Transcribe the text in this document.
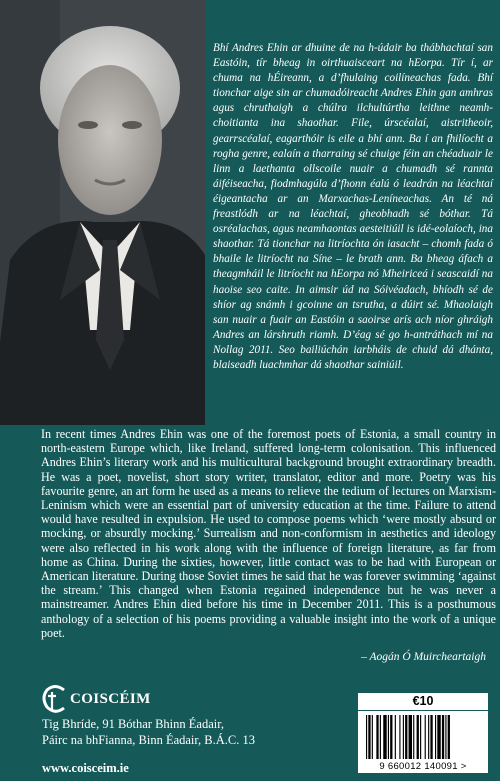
Bhí Andres Ehin ar dhuine de na h-údair ba thábhachtaí san Eastóin, tír bheag in oirthuaisceart na hEorpa. Tír í, ar chuma na hÉireann, a d’fhulaing coilíneachas fada. Bhí tionchar aige sin ar chumadóireacht Andres Ehin gan amhras agus chruthaigh a chúlra ilchultúrtha leithne neamh-choitianta ina shaothar. File, úrscéalaí, aistritheoir, gearrscéalaí, eagarthóir is eile a bhí ann. Ba í an fhilíocht a rogha genre, ealaín a tharraing sé chuige féin an chéaduair le linn a laethanta ollscoile nuair a chumadh sé rannta áiféiseacha, fiodmhagúla d’fhonn éalú ó leadrán na léachtaí éigeantacha ar an Marxachas-Leníneachas. An té ná freastlódh ar na léachtaí, gheobhadh sé bóthar. Tá osréalachas, agus neamhaontas aesteitiúil is idé-eolaíoch, ina shaothar. Tá tionchar na litríochta ón iasacht – chomh fada ó bhaile le litríocht na Síne – le brath ann. Ba bheag áfach a theagmháil le litríocht na hEorpa nó Mheiriceá i seascaidí na haoise seo caite. In aimsir úd na Sóivéadach, bhíodh sé de shíor ag snámh i gcoinne an tsrutha, a dúirt sé. Mhaolaigh san nuair a fuair an Eastóin a saoirse arís ach níor ghráigh Andres an lárshruth riamh. D’éag sé go h-antráthach mí na Nollag 2011. Seo bailiúchán iarbháis de chuid dá dhánta, blaiseadh luachmhar dá shaothar sainiúil.

In recent times Andres Ehin was one of the foremost poets of Estonia, a small country in north-eastern Europe which, like Ireland, suffered long-term colonisation. This influenced Andres Ehin’s literary work and his multicultural background brought extraordinary breadth. He was a poet, novelist, short story writer, translator, editor and more. Poetry was his favourite genre, an art form he used as a means to relieve the tedium of lectures on Marxism-Leninism which were an essential part of university education at the time. Failure to attend would have resulted in expulsion. He used to compose poems which ‘were mostly absurd or mocking, or absurdly mocking.’ Surrealism and non-conformism in aesthetics and ideology were also reflected in his work along with the influence of foreign literature, as far from home as China. During the sixties, however, little contact was to be had with European or American literature. During those Soviet times he said that he was forever swimming ‘against the stream.’ This changed when Estonia regained independence but he was never a mainstreamer. Andres Ehin died before his time in December 2011. This is a posthumous anthology of a selection of his poems providing a valuable insight into the work of a unique poet.

– Aogán Ó Muircheartaigh

COISCÉIM

Tig Bhríde, 91 Bóthar Bhinn Éadair,
Páirc na bhFianna, Binn Éadair, B.Á.C. 13

www.coisceim.ie

€10
9 660012 140091 >
